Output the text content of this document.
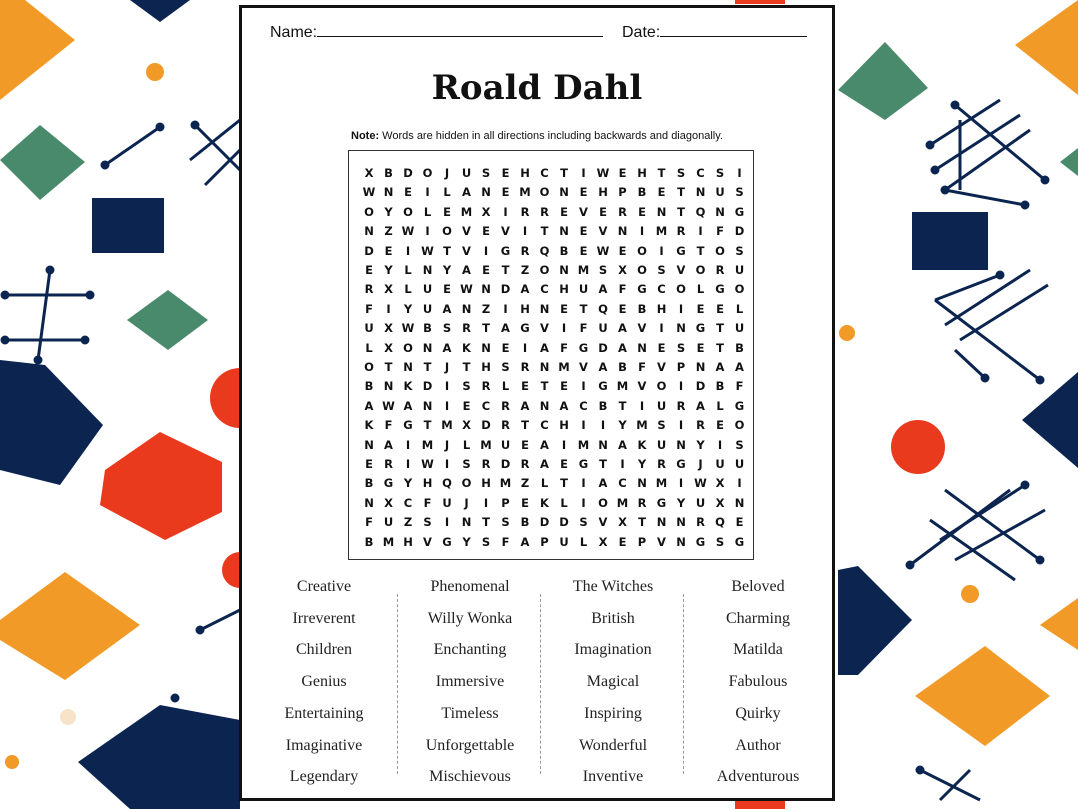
Name:	Date:
Roald Dahl
Note: Words are hidden in all directions including backwards and diagonally.
X B D O	J	U S E H C T	I W E H T S C S	I
W N E	I	L A N E M O N E H P B E	T N U S
O Y O L	E M X	I	R R E V E R E N T Q N G
N Z W I	O V E V	I	T N E V N	I	M R	I	F D
D E	I W T V	I	G R Q B E W E O	I	G T O S
E Y	L N Y A E	T Z O N M S X O S V O R U
R X L U E W N D A C H U A F G C O L G O
F	I	Y U A N Z	I	H N E	T Q E B H	I	E	E	L
U X W B S R T A G V	I	F U A V	I	N G T U
L X O N A K N E	I	A F G D A N E S E	T B
O T N T	J	T H S R N M V A B F V P N A A
B N K D	I	S R L	E	T	E	I	G M V O	I	D B F
A W A N	I	E C R A N A C B T	I	U R A L G
K F G T M X D R T C H	I	I	Y M S	I	R E O
N A	I	M	J	L M U E A	I	M N A K U N Y	I	S
E R	I W I	S R D R A E G T	I	Y R G	J	U U
B G Y H Q O H M Z	L	T	I	A C N M	I W X	I
N X C F U	J	I	P E K L	I	O M R G Y U X N
F U Z S	I	N T S B D D S V X T N N R Q E
B M H V G Y S F A P U L X E P V N G S G
Creative
Irreverent
Children
Genius
Entertaining
Imaginative
Legendary
Phenomenal
Willy Wonka
Enchanting
Immersive
Timeless
Unforgettable
Mischievous
The Witches
British
Imagination
Magical
Inspiring
Wonderful
Inventive
Beloved
Charming
Matilda
Fabulous
Quirky
Author
Adventurous
